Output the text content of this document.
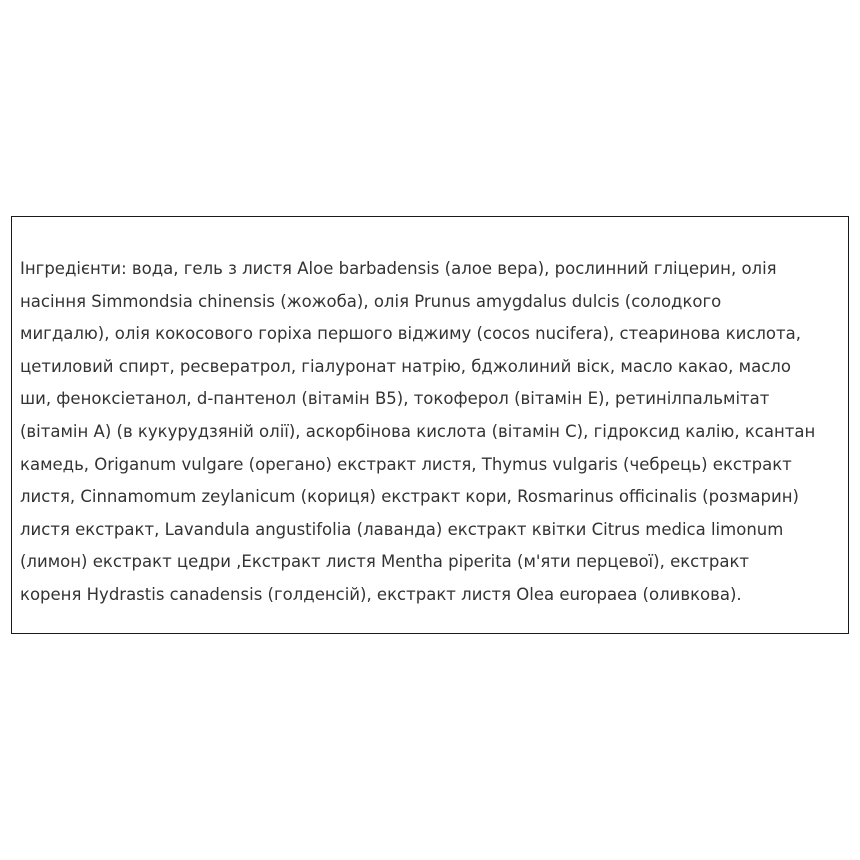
Інгредієнти: вода, гель з листя Aloe barbadensis (алое вера), рослинний гліцерин, олія
насіння Simmondsia chinensis (жожоба), олія Prunus amygdalus dulcis (солодкого
мигдалю), олія кокосового горіха першого віджиму (cocos nucifera), стеаринова кислота,
цетиловий спирт, ресвератрол, гіалуронат натрію, бджолиний віск, масло какао, масло
ши, феноксіетанол, d-пантенол (вітамін B5), токоферол (вітамін E), ретинілпальмітат
(вітамін A) (в кукурудзяній олії), аскорбінова кислота (вітамін C), гідроксид калію, ксантан
камедь, Origanum vulgare (орегано) екстракт листя, Thymus vulgaris (чебрець) екстракт
листя, Cinnamomum zeylanicum (кориця) екстракт кори, Rosmarinus officinalis (розмарин)
листя екстракт, Lavandula angustifolia (лаванда) екстракт квітки Citrus medica limonum
(лимон) екстракт цедри ,Екстракт листя Mentha piperita (м'яти перцевої), екстракт
кореня Hydrastis canadensis (голденсій), екстракт листя Olea europaea (оливкова).
